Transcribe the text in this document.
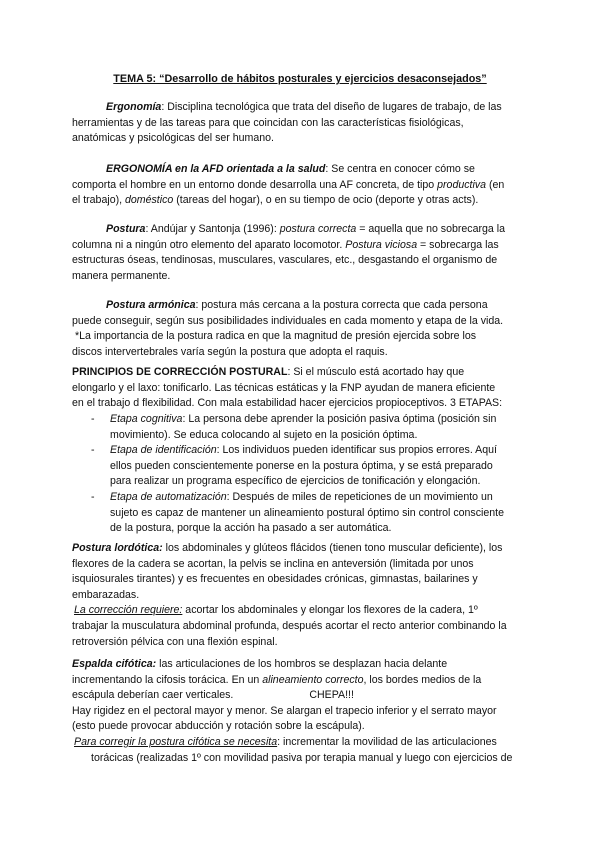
TEMA 5: “Desarrollo de hábitos posturales y ejercicios desaconsejados”
Ergonomía: Disciplina tecnológica que trata del diseño de lugares de trabajo, de las
herramientas y de las tareas para que coincidan con las características fisiológicas,
anatómicas y psicológicas del ser humano.
ERGONOMÍA en la AFD orientada a la salud: Se centra en conocer cómo se
comporta el hombre en un entorno donde desarrolla una AF concreta, de tipo productiva (en
el trabajo), doméstico (tareas del hogar), o en su tiempo de ocio (deporte y otras acts).
Postura: Andújar y Santonja (1996): postura correcta = aquella que no sobrecarga la
columna ni a ningún otro elemento del aparato locomotor. Postura viciosa = sobrecarga las
estructuras óseas, tendinosas, musculares, vasculares, etc., desgastando el organismo de
manera permanente.
Postura armónica: postura más cercana a la postura correcta que cada persona
puede conseguir, según sus posibilidades individuales en cada momento y etapa de la vida.
*La importancia de la postura radica en que la magnitud de presión ejercida sobre los
discos intervertebrales varía según la postura que adopta el raquis.
PRINCIPIOS DE CORRECCIÓN POSTURAL: Si el músculo está acortado hay que
elongarlo y el laxo: tonificarlo. Las técnicas estáticas y la FNP ayudan de manera eficiente
en el trabajo d flexibilidad. Con mala estabilidad hacer ejercicios propioceptivos. 3 ETAPAS:
- Etapa cognitiva: La persona debe aprender la posición pasiva óptima (posición sin
movimiento). Se educa colocando al sujeto en la posición óptima.
- Etapa de identificación: Los individuos pueden identificar sus propios errores. Aquí
ellos pueden conscientemente ponerse en la postura óptima, y se está preparado
para realizar un programa específico de ejercicios de tonificación y elongación.
- Etapa de automatización: Después de miles de repeticiones de un movimiento un
sujeto es capaz de mantener un alineamiento postural óptimo sin control consciente
de la postura, porque la acción ha pasado a ser automática.
Postura lordótica: los abdominales y glúteos flácidos (tienen tono muscular deficiente), los
flexores de la cadera se acortan, la pelvis se inclina en anteversión (limitada por unos
isquiosurales tirantes) y es frecuentes en obesidades crónicas, gimnastas, bailarines y
embarazadas.
La corrección requiere: acortar los abdominales y elongar los flexores de la cadera, 1º
trabajar la musculatura abdominal profunda, después acortar el recto anterior combinando la
retroversión pélvica con una flexión espinal.
Espalda cifótica: las articulaciones de los hombros se desplazan hacia delante
incrementando la cifosis torácica. En un alineamiento correcto, los bordes medios de la
escápula deberían caer verticales.	CHEPA!!!
Hay rigidez en el pectoral mayor y menor. Se alargan el trapecio inferior y el serrato mayor
(esto puede provocar abducción y rotación sobre la escápula).
Para corregir la postura cifótica se necesita: incrementar la movilidad de las articulaciones
torácicas (realizadas 1º con movilidad pasiva por terapia manual y luego con ejercicios de
